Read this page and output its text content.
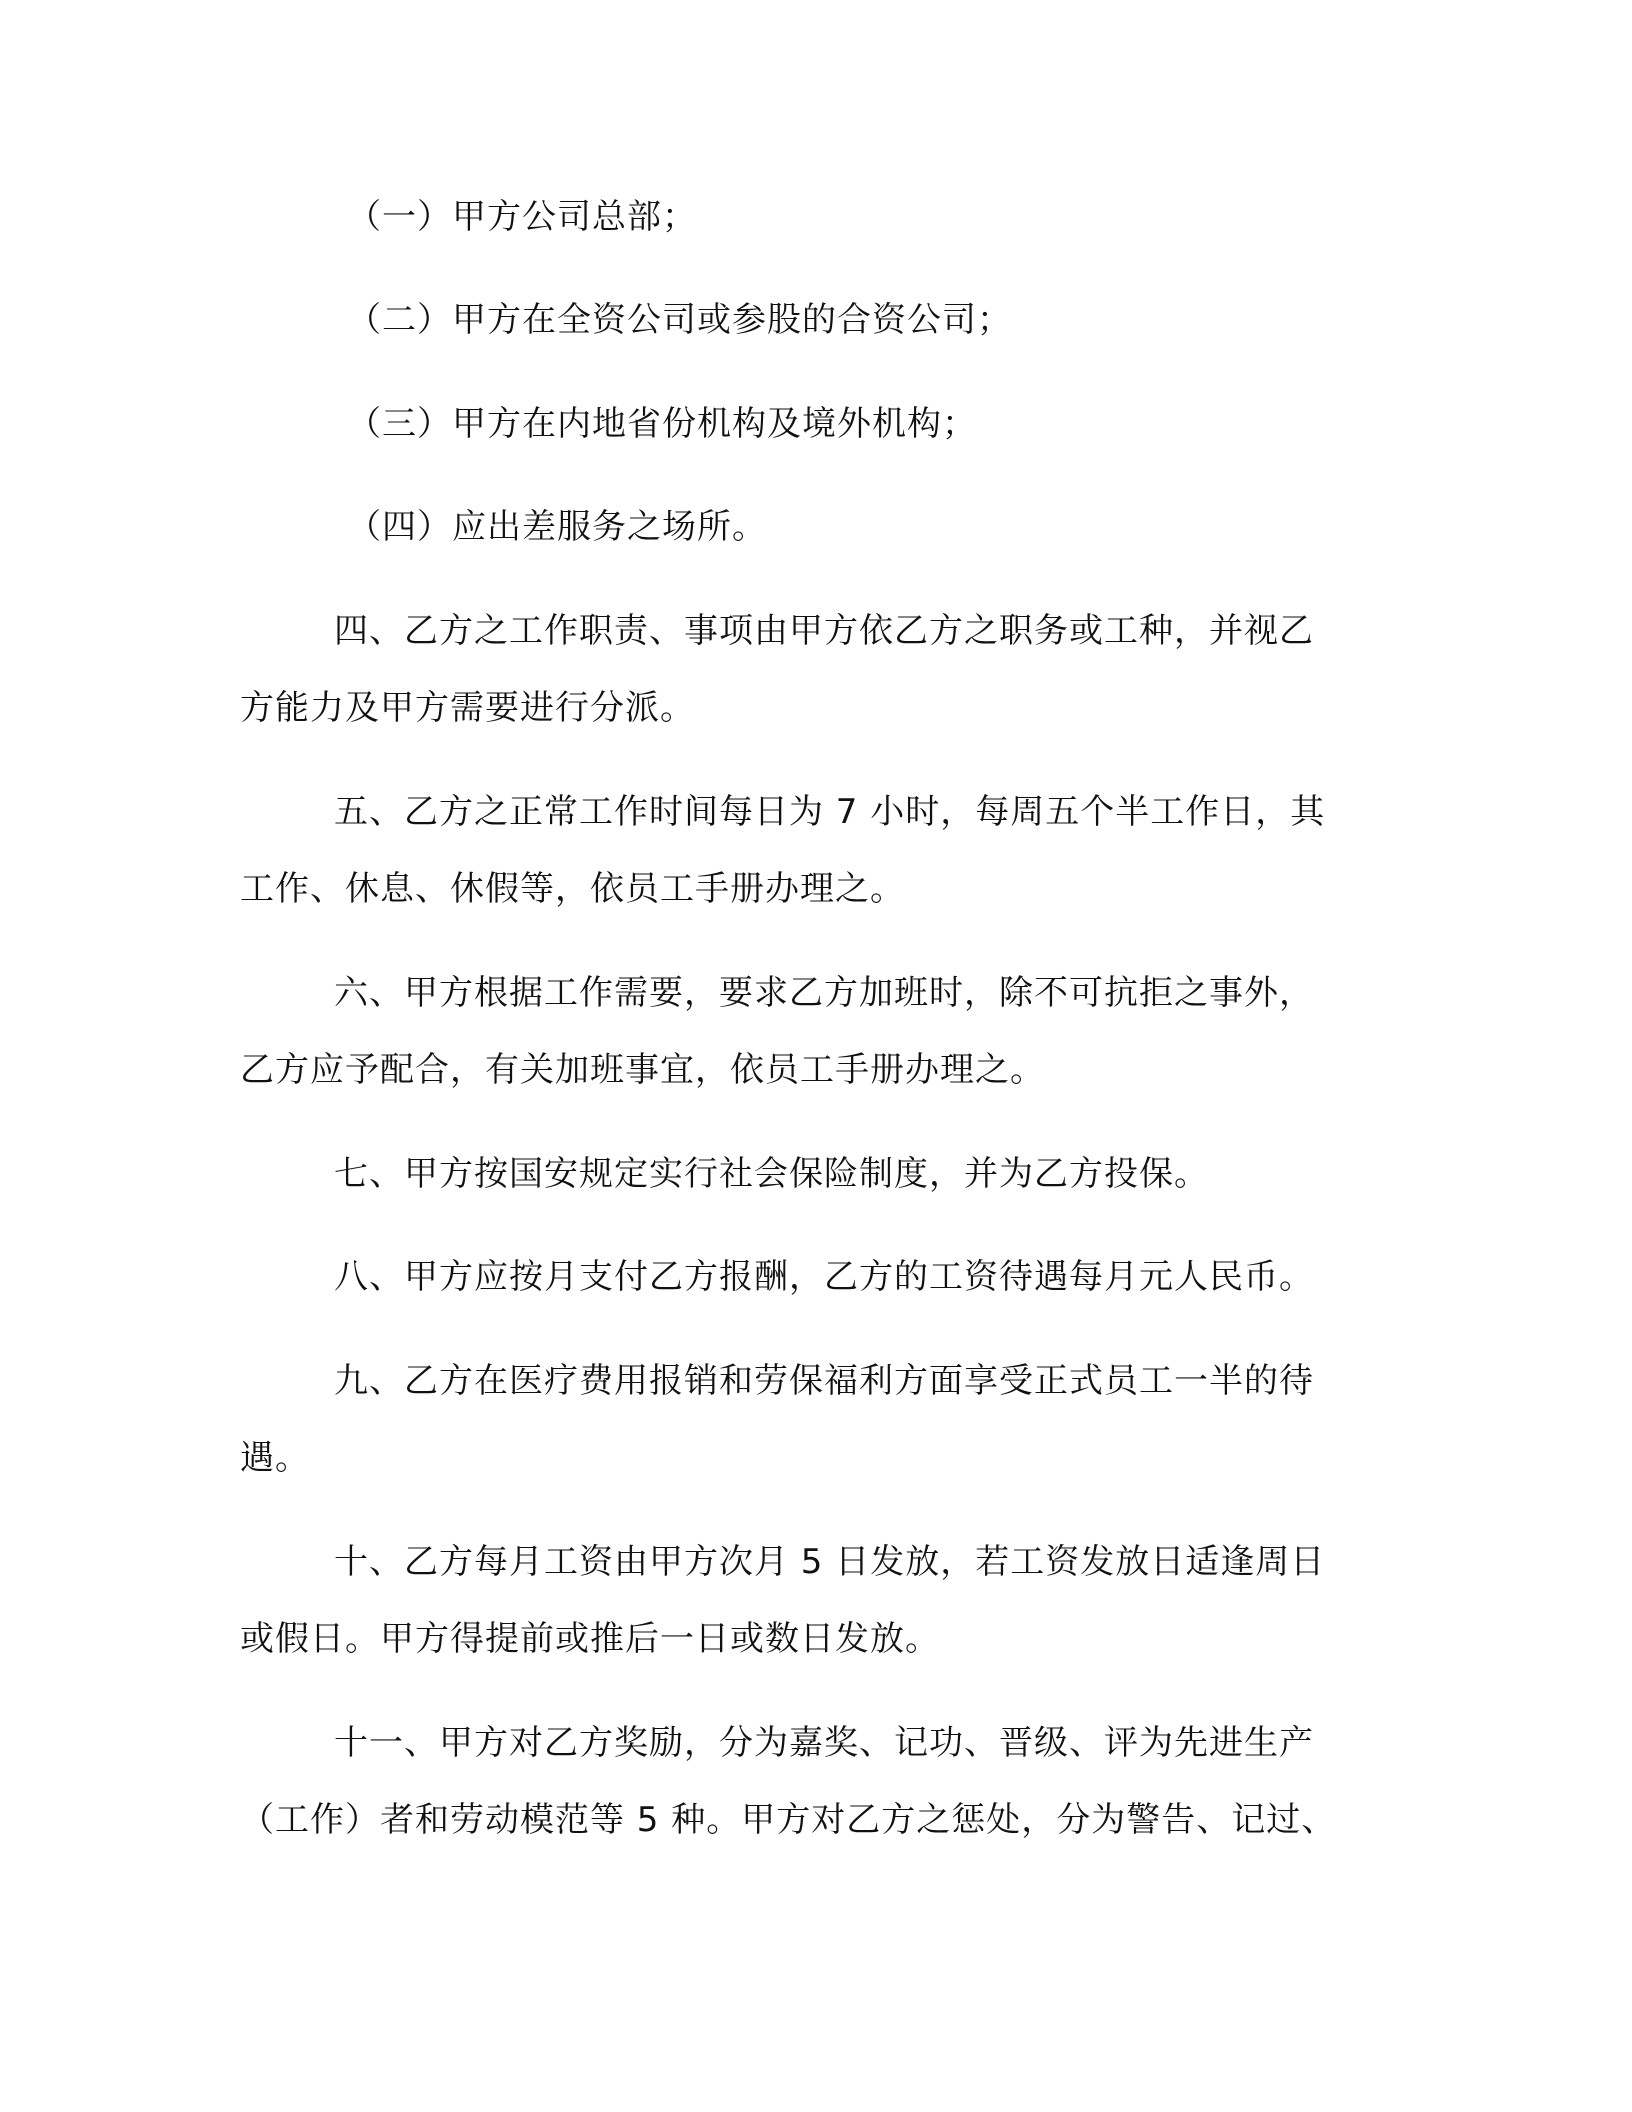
（一）甲方公司总部；
（二）甲方在全资公司或参股的合资公司；
（三）甲方在内地省份机构及境外机构；
（四）应出差服务之场所。
四、乙方之工作职责、事项由甲方依乙方之职务或工种，并视乙
方能力及甲方需要进行分派。
五、乙方之正常工作时间每日为 7 小时，每周五个半工作日，其
工作、休息、休假等，依员工手册办理之。
六、甲方根据工作需要，要求乙方加班时，除不可抗拒之事外，
乙方应予配合，有关加班事宜，依员工手册办理之。
七、甲方按国安规定实行社会保险制度，并为乙方投保。
八、甲方应按月支付乙方报酬，乙方的工资待遇每月元人民币。
九、乙方在医疗费用报销和劳保福利方面享受正式员工一半的待
遇。
十、乙方每月工资由甲方次月 5 日发放，若工资发放日适逢周日
或假日。甲方得提前或推后一日或数日发放。
十一、甲方对乙方奖励，分为嘉奖、记功、晋级、评为先进生产
（工作）者和劳动模范等 5 种。甲方对乙方之惩处，分为警告、记过、
